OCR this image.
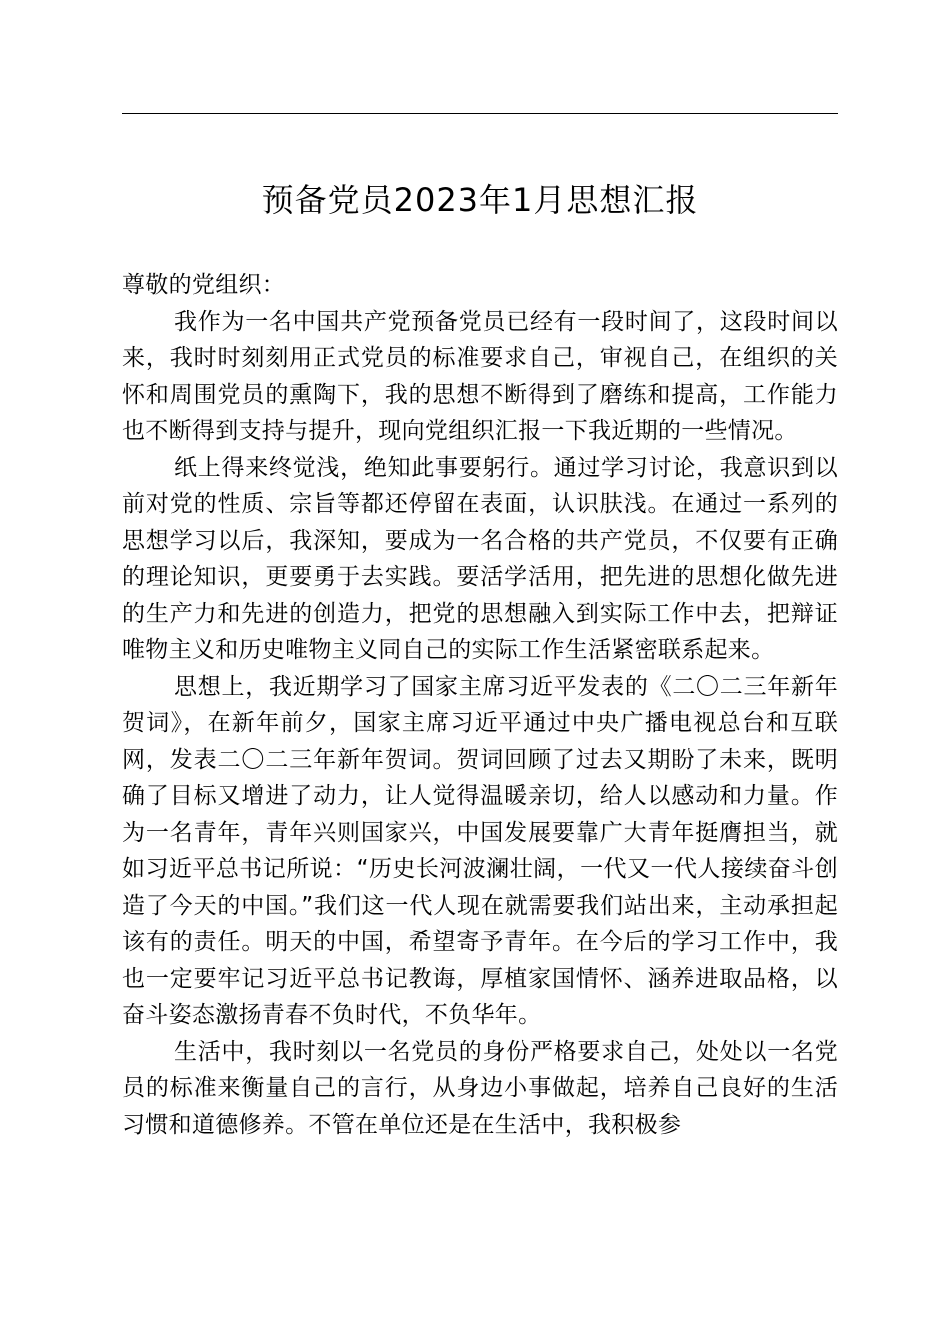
预备党员2023年1月思想汇报

尊敬的党组织：

我作为一名中国共产党预备党员已经有一段时间了，这段时间以来，我时时刻刻用正式党员的标准要求自己，审视自己，在组织的关怀和周围党员的熏陶下，我的思想不断得到了磨练和提高，工作能力也不断得到支持与提升，现向党组织汇报一下我近期的一些情况。

纸上得来终觉浅，绝知此事要躬行。通过学习讨论，我意识到以前对党的性质、宗旨等都还停留在表面，认识肤浅。在通过一系列的思想学习以后，我深知，要成为一名合格的共产党员，不仅要有正确的理论知识，更要勇于去实践。要活学活用，把先进的思想化做先进的生产力和先进的创造力，把党的思想融入到实际工作中去，把辩证唯物主义和历史唯物主义同自己的实际工作生活紧密联系起来。

思想上，我近期学习了国家主席习近平发表的《二〇二三年新年贺词》，在新年前夕，国家主席习近平通过中央广播电视总台和互联网，发表二〇二三年新年贺词。贺词回顾了过去又期盼了未来，既明确了目标又增进了动力，让人觉得温暖亲切，给人以感动和力量。作为一名青年，青年兴则国家兴，中国发展要靠广大青年挺膺担当，就如习近平总书记所说：“历史长河波澜壮阔，一代又一代人接续奋斗创造了今天的中国。”我们这一代人现在就需要我们站出来，主动承担起该有的责任。明天的中国，希望寄予青年。在今后的学习工作中，我也一定要牢记习近平总书记教诲，厚植家国情怀、涵养进取品格，以奋斗姿态激扬青春不负时代，不负华年。

生活中，我时刻以一名党员的身份严格要求自己，处处以一名党员的标准来衡量自己的言行，从身边小事做起，培养自己良好的生活习惯和道德修养。不管在单位还是在生活中，我积极参
